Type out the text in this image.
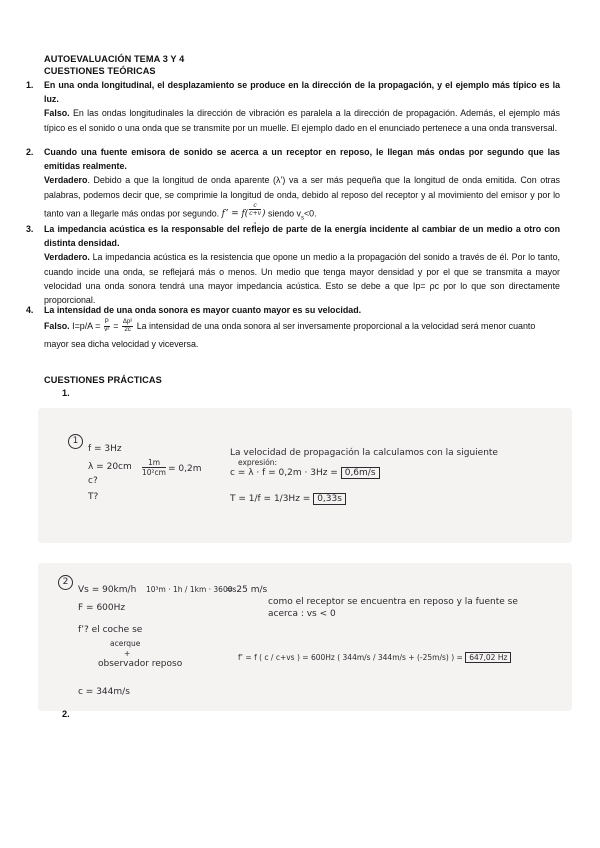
AUTOEVALUACIÓN TEMA 3 Y 4
CUESTIONES TEÓRICAS
1. En una onda longitudinal, el desplazamiento se produce en la dirección de la propagación, y el ejemplo más típico es la luz.
Falso. En las ondas longitudinales la dirección de vibración es paralela a la dirección de propagación. Además, el ejemplo más típico es el sonido o una onda que se transmite por un muelle. El ejemplo dado en el enunciado pertenece a una onda transversal.
2. Cuando una fuente emisora de sonido se acerca a un receptor en reposo, le llegan más ondas por segundo que las emitidas realmente.
Verdadero. Debido a que la longitud de onda aparente (λ’) va a ser más pequeña que la longitud de onda emitida. Con otras palabras, podemos decir que, se comprimie la longitud de onda, debido al reposo del receptor y al movimiento del emisor y por lo tanto van a llegarle más ondas por segundo. f’ = f( c
c+v
$_s$ ) siendo $v_s<0$.
3. La impedancia acústica es la responsable del reflejo de parte de la energía incidente al cambiar de un medio a otro con distinta densidad.
Verdadero. La impedancia acústica es la resistencia que opone un medio a la propagación del sonido a través de él. Por lo tanto, cuando incide una onda, se reflejará más o menos. Un medio que tenga mayor densidad y por el que se transmita a mayor velocidad una onda sonora tendrá una mayor impedancia acústica. Esto se debe a que Ip= ρc por lo que son directamente proporcional.
4. La intensidad de una onda sonora es mayor cuanto mayor es su velocidad.
Falso. $I=p/A = \frac{P}{\text{v²}} = \frac{\text{Δp²}}{2c}$ La intensidad de una onda sonora al ser inversamente proporcional a la velocidad será menor cuanto mayor sea dicha velocidad y viceversa.
CUESTIONES PRÁCTICAS
1.
1
f = 3Hz
λ = 20cm	1m
10²cm = 0,2m
c?
T?
La velocidad de propagación la calculamos con la siguiente
expresión:
c = λ · f = 0,2m · 3Hz = 0,6m/s
T = 1/f = 1/3Hz = 0,33s
2
Vs = 90km/h 10³m · 1h / 1km · 3600s
= 25 m/s
F = 600Hz
f’? el coche se
acerque
+
observador reposo
c = 344m/s
como el receptor se encuentra en reposo y la fuente se
acerca : vs < 0
f’ = f ( c / c+vs ) = 600Hz ( 344m/s / 344m/s + (-25m/s) ) = 647,02 Hz
2.
